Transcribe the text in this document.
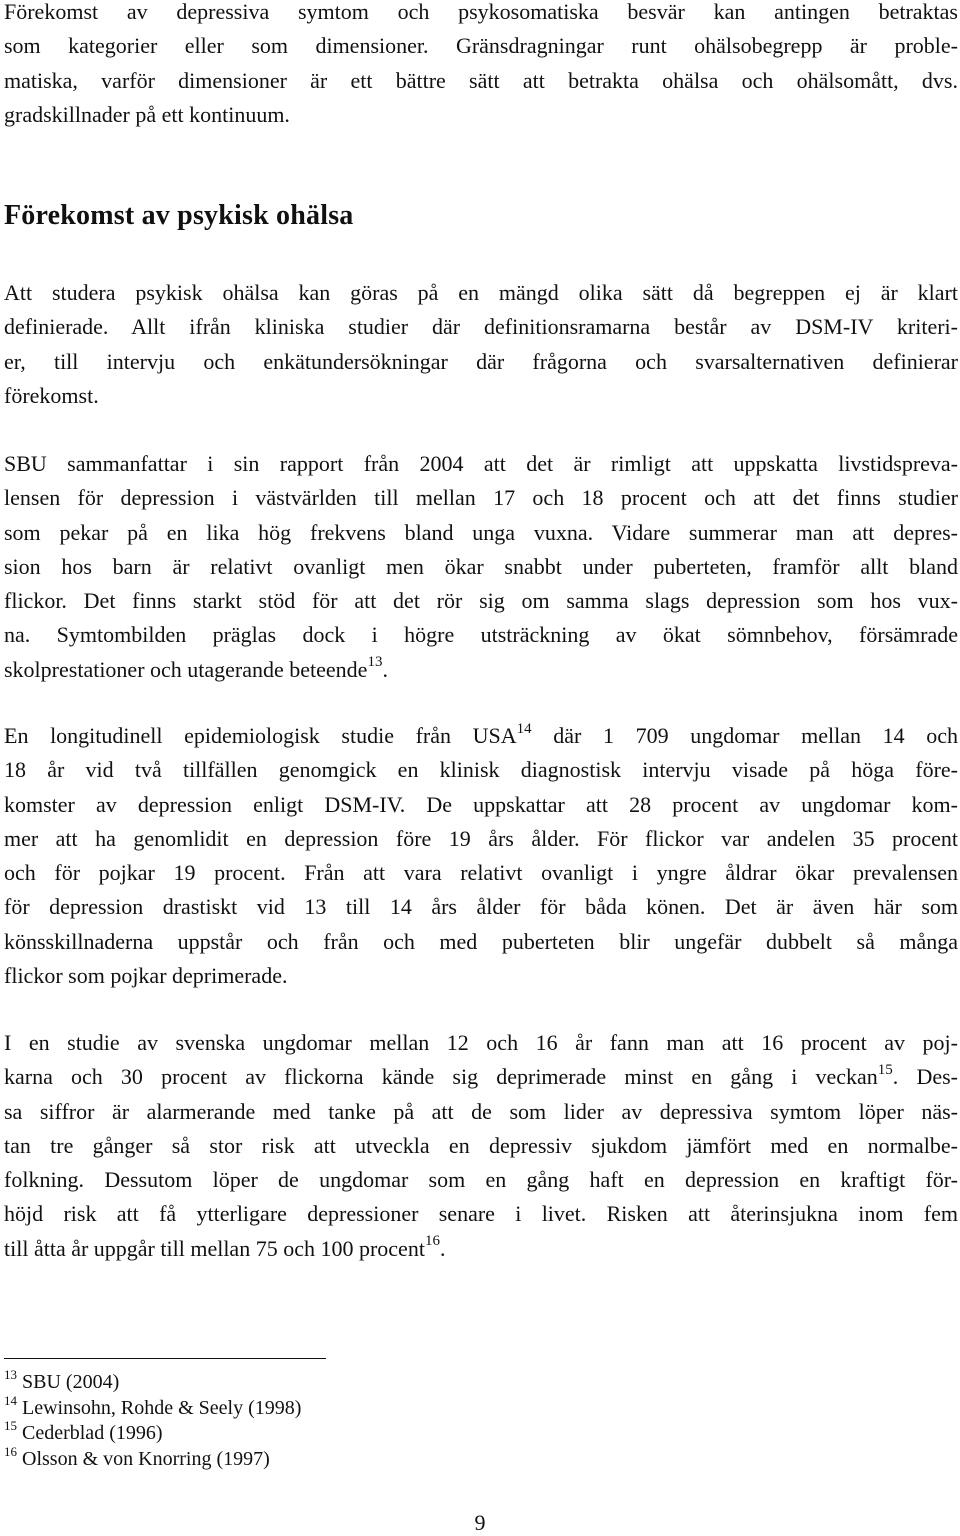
Förekomst av depressiva symtom och psykosomatiska besvär kan antingen betraktas
som kategorier eller som dimensioner. Gränsdragningar runt ohälsobegrepp är proble-
matiska, varför dimensioner är ett bättre sätt att betrakta ohälsa och ohälsomått, dvs.
gradskillnader på ett kontinuum.

Förekomst av psykisk ohälsa

Att studera psykisk ohälsa kan göras på en mängd olika sätt då begreppen ej är klart
definierade. Allt ifrån kliniska studier där definitionsramarna består av DSM-IV kriteri-
er, till intervju och enkätundersökningar där frågorna och svarsalternativen definierar
förekomst.

SBU sammanfattar i sin rapport från 2004 att det är rimligt att uppskatta livstidspreva-
lensen för depression i västvärlden till mellan 17 och 18 procent och att det finns studier
som pekar på en lika hög frekvens bland unga vuxna. Vidare summerar man att depres-
sion hos barn är relativt ovanligt men ökar snabbt under puberteten, framför allt bland
flickor. Det finns starkt stöd för att det rör sig om samma slags depression som hos vux-
na. Symtombilden präglas dock i högre utsträckning av ökat sömnbehov, försämrade
skolprestationer och utagerande beteende$^{13}$.

En longitudinell epidemiologisk studie från USA$^{14}$ där 1 709 ungdomar mellan 14 och
18 år vid två tillfällen genomgick en klinisk diagnostisk intervju visade på höga före-
komster av depression enligt DSM-IV. De uppskattar att 28 procent av ungdomar kom-
mer att ha genomlidit en depression före 19 års ålder. För flickor var andelen 35 procent
och för pojkar 19 procent. Från att vara relativt ovanligt i yngre åldrar ökar prevalensen
för depression drastiskt vid 13 till 14 års ålder för båda könen. Det är även här som
könsskillnaderna uppstår och från och med puberteten blir ungefär dubbelt så många
flickor som pojkar deprimerade.

I en studie av svenska ungdomar mellan 12 och 16 år fann man att 16 procent av poj-
karna och 30 procent av flickorna kände sig deprimerade minst en gång i veckan$^{15}$. Des-
sa siffror är alarmerande med tanke på att de som lider av depressiva symtom löper näs-
tan tre gånger så stor risk att utveckla en depressiv sjukdom jämfört med en normalbe-
folkning. Dessutom löper de ungdomar som en gång haft en depression en kraftigt för-
höjd risk att få ytterligare depressioner senare i livet. Risken att återinsjukna inom fem
till åtta år uppgår till mellan 75 och 100 procent$^{16}$.

$^{13}$ SBU (2004)
$^{14}$ Lewinsohn, Rohde & Seely (1998)
$^{15}$ Cederblad (1996)
$^{16}$ Olsson & von Knorring (1997)
9
